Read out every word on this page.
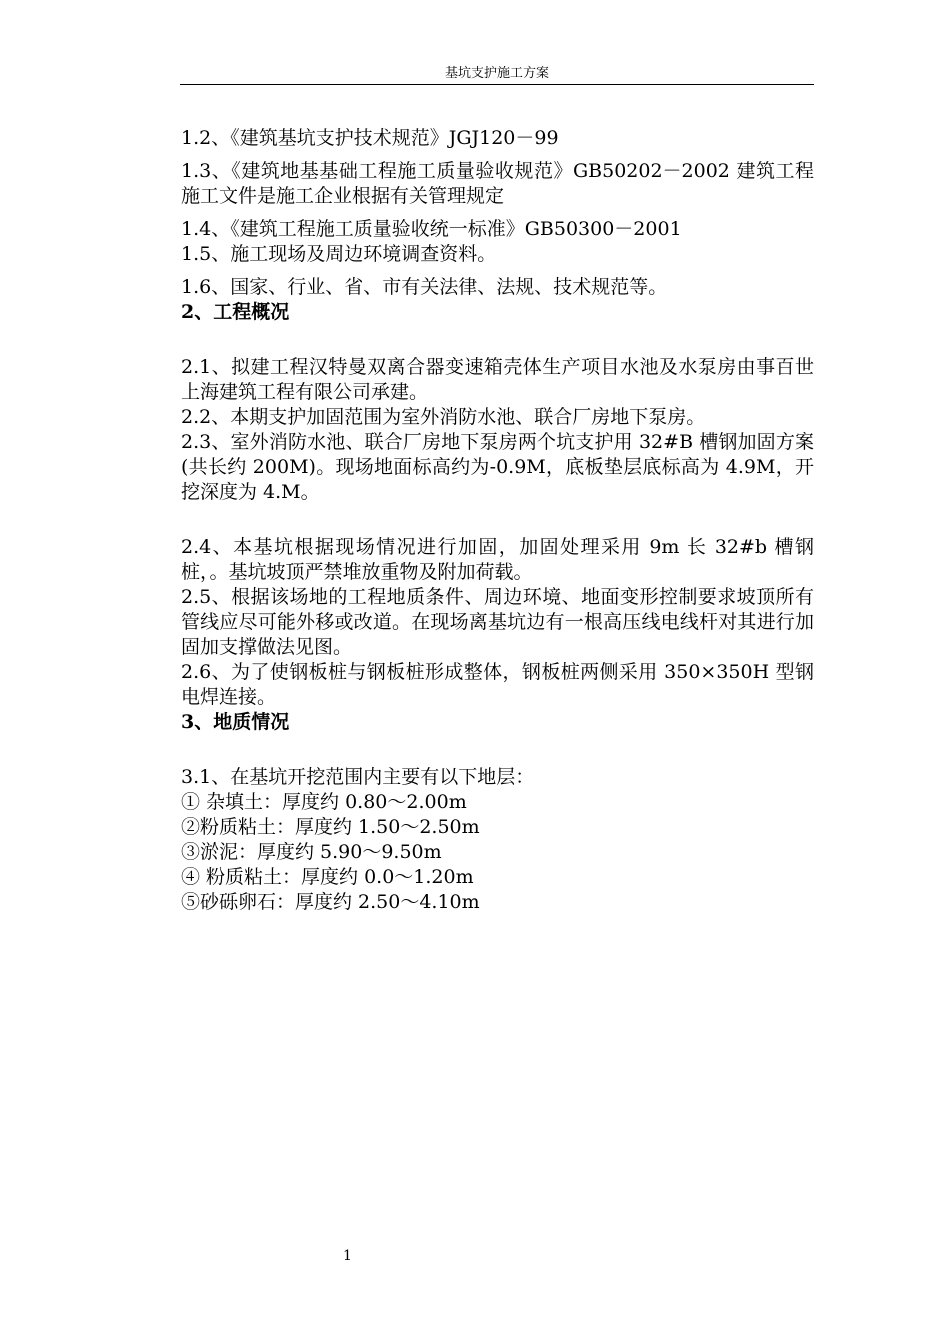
基坑支护施工方案

1.2、《建筑基坑支护技术规范》JGJ120－99

1.3、《建筑地基基础工程施工质量验收规范》GB50202－2002 建筑工程施工文件是施工企业根据有关管理规定

1.4、《建筑工程施工质量验收统一标准》GB50300－2001

1.5、施工现场及周边环境调查资料。

1.6、国家、行业、省、市有关法律、法规、技术规范等。

2、工程概况

2.1、拟建工程汉特曼双离合器变速箱壳体生产项目水池及水泵房由事百世上海建筑工程有限公司承建。

2.2、本期支护加固范围为室外消防水池、联合厂房地下泵房。

2.3、室外消防水池、联合厂房地下泵房两个坑支护用 32#B 槽钢加固方案(共长约 200M)。现场地面标高约为-0.9M，底板垫层底标高为 4.9M，开挖深度为 4.M。

2.4、本基坑根据现场情况进行加固，加固处理采用 9m 长 32#b 槽钢桩，。基坑坡顶严禁堆放重物及附加荷载。

2.5、根据该场地的工程地质条件、周边环境、地面变形控制要求坡顶所有管线应尽可能外移或改道。在现场离基坑边有一根高压线电线杆对其进行加固加支撑做法见图。

2.6、为了使钢板桩与钢板桩形成整体，钢板桩两侧采用 350×350H 型钢电焊连接。

3、地质情况

3.1、在基坑开挖范围内主要有以下地层：

① 杂填土：厚度约 0.80～2.00m

②粉质粘土：厚度约 1.50～2.50m

③淤泥：厚度约 5.90～9.50m

④ 粉质粘土：厚度约 0.0～1.20m

⑤砂砾卵石：厚度约 2.50～4.10m

1
